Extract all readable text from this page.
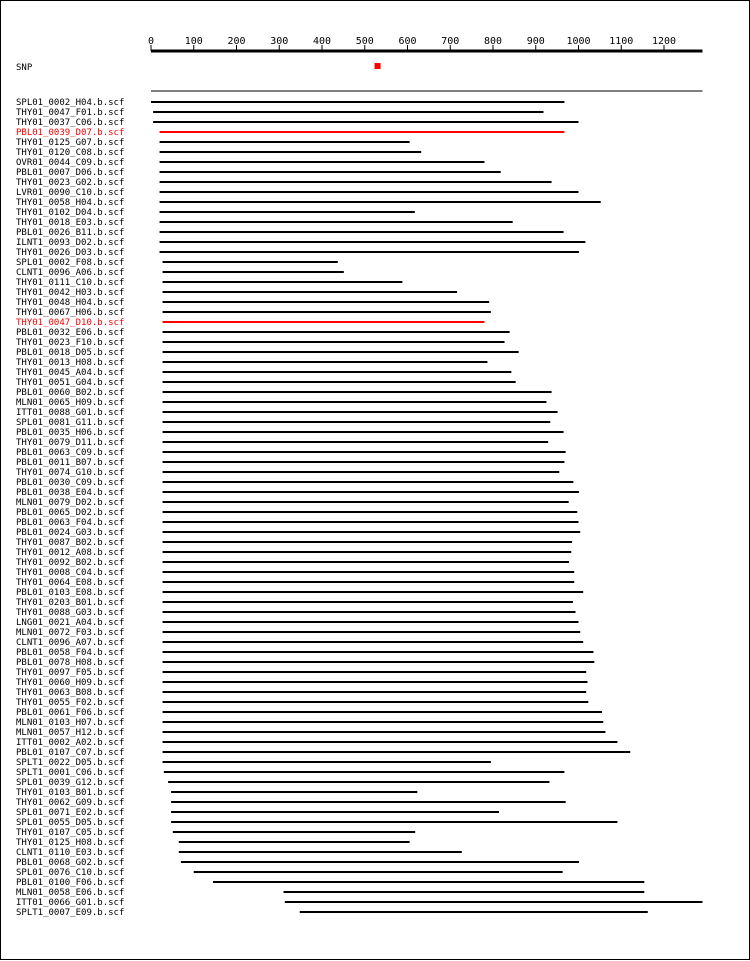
0	100 200 300 400 500 600 700 800 900 1000 1100 1200
SNP
SPL01_0002_H04.b.scf
THY01_0047_F01.b.scf
THY01_0037_C06.b.scf
PBL01_0039_D07.b.scf
THY01_0125_G07.b.scf
THY01_0120_C08.b.scf
OVR01_0044_C09.b.scf
PBL01_0007_D06.b.scf
THY01_0023_G02.b.scf
LVR01_0090_C10.b.scf
THY01_0058_H04.b.scf
THY01_0102_D04.b.scf
THY01_0018_E03.b.scf
PBL01_0026_B11.b.scf
ILNT1_0093_D02.b.scf
THY01_0026_D03.b.scf
SPL01_0002_F08.b.scf
CLNT1_0096_A06.b.scf
THY01_0111_C10.b.scf
THY01_0042_H03.b.scf
THY01_0048_H04.b.scf
THY01_0067_H06.b.scf
THY01_0047_D10.b.scf
PBL01_0032_E06.b.scf
THY01_0023_F10.b.scf
PBL01_0018_D05.b.scf
THY01_0013_H08.b.scf
THY01_0045_A04.b.scf
THY01_0051_G04.b.scf
PBL01_0060_B02.b.scf
MLN01_0065_H09.b.scf
ITT01_0088_G01.b.scf
SPL01_0081_G11.b.scf
PBL01_0035_H06.b.scf
THY01_0079_D11.b.scf
PBL01_0063_C09.b.scf
PBL01_0011_B07.b.scf
THY01_0074_G10.b.scf
PBL01_0030_C09.b.scf
PBL01_0038_E04.b.scf
MLN01_0079_D02.b.scf
PBL01_0065_D02.b.scf
PBL01_0063_F04.b.scf
PBL01_0024_G03.b.scf
THY01_0087_B02.b.scf
THY01_0012_A08.b.scf
THY01_0092_B02.b.scf
THY01_0008_C04.b.scf
THY01_0064_E08.b.scf
PBL01_0103_E08.b.scf
THY01_0203_B01.b.scf
THY01_0088_G03.b.scf
LNG01_0021_A04.b.scf
MLN01_0072_F03.b.scf
CLNT1_0096_A07.b.scf
PBL01_0058_F04.b.scf
PBL01_0078_H08.b.scf
THY01_0097_F05.b.scf
THY01_0060_H09.b.scf
THY01_0063_B08.b.scf
THY01_0055_F02.b.scf
PBL01_0061_F06.b.scf
MLN01_0103_H07.b.scf
MLN01_0057_H12.b.scf
ITT01_0002_A02.b.scf
PBL01_0107_C07.b.scf
SPLT1_0022_D05.b.scf
SPLT1_0001_C06.b.scf
SPL01_0039_G12.b.scf
THY01_0103_B01.b.scf
THY01_0062_G09.b.scf
SPL01_0071_E02.b.scf
SPL01_0055_D05.b.scf
THY01_0107_C05.b.scf
THY01_0125_H08.b.scf
CLNT1_0110_E03.b.scf
PBL01_0068_G02.b.scf
SPL01_0076_C10.b.scf
PBL01_0100_F06.b.scf
MLN01_0058_E06.b.scf
ITT01_0066_G01.b.scf
SPLT1_0007_E09.b.scf
